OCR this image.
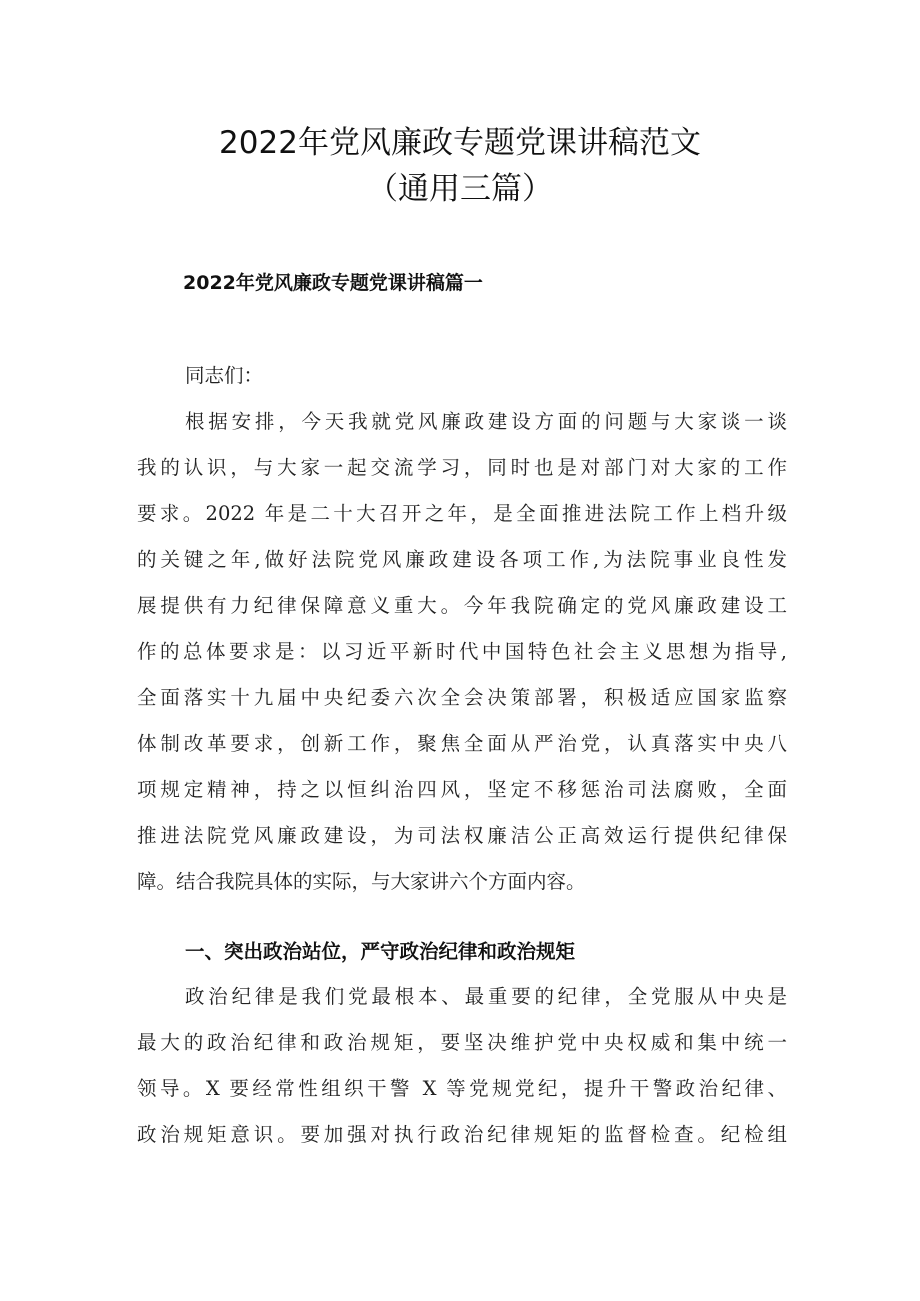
2022年党风廉政专题党课讲稿范文
（通用三篇）
2022年党风廉政专题党课讲稿篇一
同志们：
根据安排，今天我就党风廉政建设方面的问题与大家谈一谈
我的认识，与大家一起交流学习，同时也是对部门对大家的工作
要求。2022 年是二十大召开之年，是全面推进法院工作上档升级
的关键之年,做好法院党风廉政建设各项工作,为法院事业良性发
展提供有力纪律保障意义重大。今年我院确定的党风廉政建设工
作的总体要求是：以习近平新时代中国特色社会主义思想为指导,
全面落实十九届中央纪委六次全会决策部署，积极适应国家监察
体制改革要求，创新工作，聚焦全面从严治党，认真落实中央八
项规定精神，持之以恒纠治四风，坚定不移惩治司法腐败，全面
推进法院党风廉政建设，为司法权廉洁公正高效运行提供纪律保
障。结合我院具体的实际，与大家讲六个方面内容。
一、突出政治站位，严守政治纪律和政治规矩
政治纪律是我们党最根本、最重要的纪律，全党服从中央是
最大的政治纪律和政治规矩，要坚决维护党中央权威和集中统一
领导。X 要经常性组织干警 X 等党规党纪，提升干警政治纪律、
政治规矩意识。要加强对执行政治纪律规矩的监督检查。纪检组
